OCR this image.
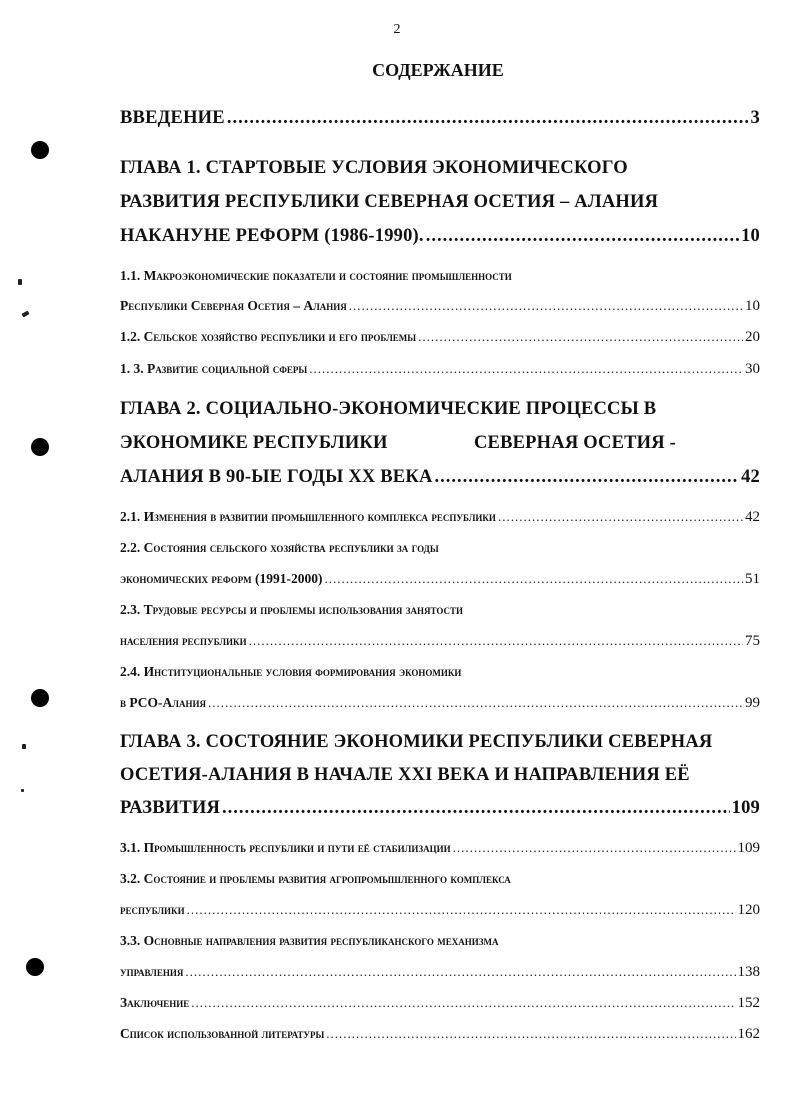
2
СОДЕРЖАНИЕ
ВВЕДЕНИЕ .....	3
ГЛАВА 1. СТАРТОВЫЕ УСЛОВИЯ ЭКОНОМИЧЕСКОГО
РАЗВИТИЯ РЕСПУБЛИКИ СЕВЕРНАЯ ОСЕТИЯ – АЛАНИЯ
НАКАНУНЕ РЕФОРМ (1986-1990). .....	10
1.1. Макроэкономические показатели и состояние промышленности
Республики Северная Осетия – Алания .....	10
1.2. Сельское хозяйство республики и его проблемы .....	20
1. 3. Развитие социальной сферы .....	30
ГЛАВА 2. СОЦИАЛЬНО-ЭКОНОМИЧЕСКИЕ ПРОЦЕССЫ В
ЭКОНОМИКЕ РЕСПУБЛИКИ	СЕВЕРНАЯ ОСЕТИЯ -
АЛАНИЯ В 90-ЫЕ ГОДЫ XX ВЕКА .....	42
2.1. Изменения в развитии промышленного комплекса республики .....	42
2.2. Состояния сельского хозяйства республики за годы
экономических реформ (1991-2000) .....	51
2.3. Трудовые ресурсы и проблемы использования занятости
населения республики .....	75
2.4. Институциональные условия формирования экономики
в РСО-Алания .....	99
ГЛАВА 3. СОСТОЯНИЕ ЭКОНОМИКИ РЕСПУБЛИКИ СЕВЕРНАЯ
ОСЕТИЯ-АЛАНИЯ В НАЧАЛЕ XXI ВЕКА И НАПРАВЛЕНИЯ ЕЁ
РАЗВИТИЯ .....	109
3.1. Промышленность республики и пути её стабилизации .....	109
3.2. Состояние и проблемы развития агропромышленного комплекса
республики .....	120
3.3. Основные направления развития республиканского механизма
управления .....	138
Заключение .....	152
Список использованной литературы .....	162
